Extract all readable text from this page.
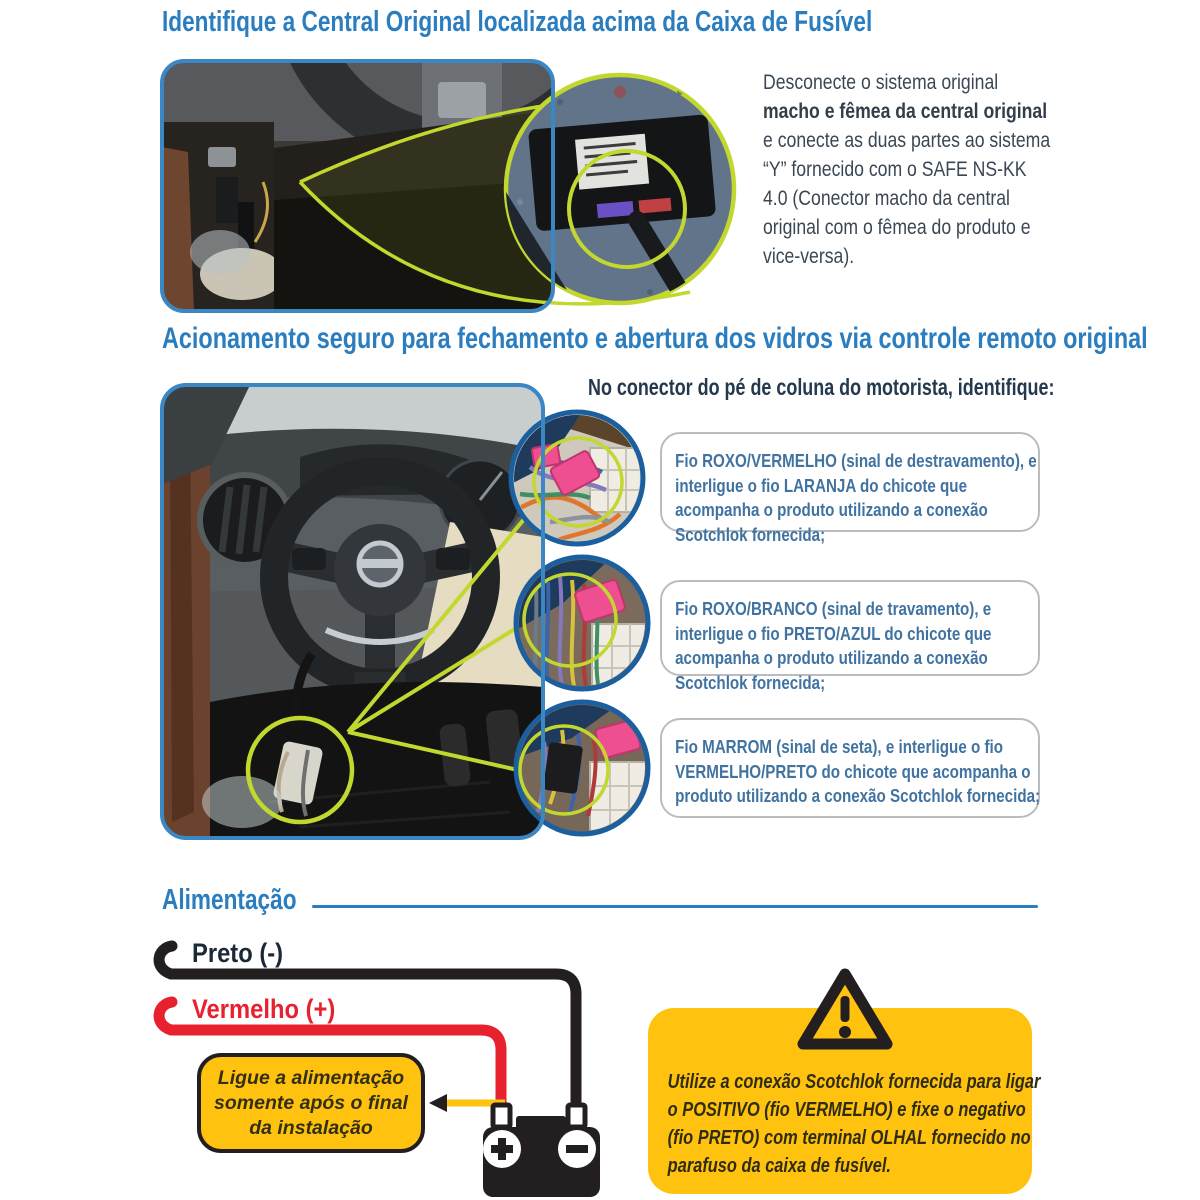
Identifique a Central Original localizada acima da Caixa de Fusível
Desconecte o sistema original macho e fêmea da central original e conecte as duas partes ao sistema “Y” fornecido com o SAFE NS-KK 4.0 (Conector macho da central original com o fêmea do produto e vice-versa).
Acionamento seguro para fechamento e abertura dos vidros via controle remoto original
No conector do pé de coluna do motorista, identifique:
Fio ROXO/VERMELHO (sinal de destravamento), e interligue o fio LARANJA do chicote que acompanha o produto utilizando a conexão Scotchlok fornecida;
Fio ROXO/BRANCO (sinal de travamento), e interligue o fio PRETO/AZUL do chicote que acompanha o produto utilizando a conexão Scotchlok fornecida;
Fio MARROM (sinal de seta), e interligue o fio VERMELHO/PRETO do chicote que acompanha o produto utilizando a conexão Scotchlok fornecida;
Alimentação
Preto (-)
Vermelho (+)
Ligue a alimentação somente após o final da instalação
Utilize a conexão Scotchlok fornecida para ligar o POSITIVO (fio VERMELHO) e fixe o negativo (fio PRETO) com terminal OLHAL fornecido no parafuso da caixa de fusível.
